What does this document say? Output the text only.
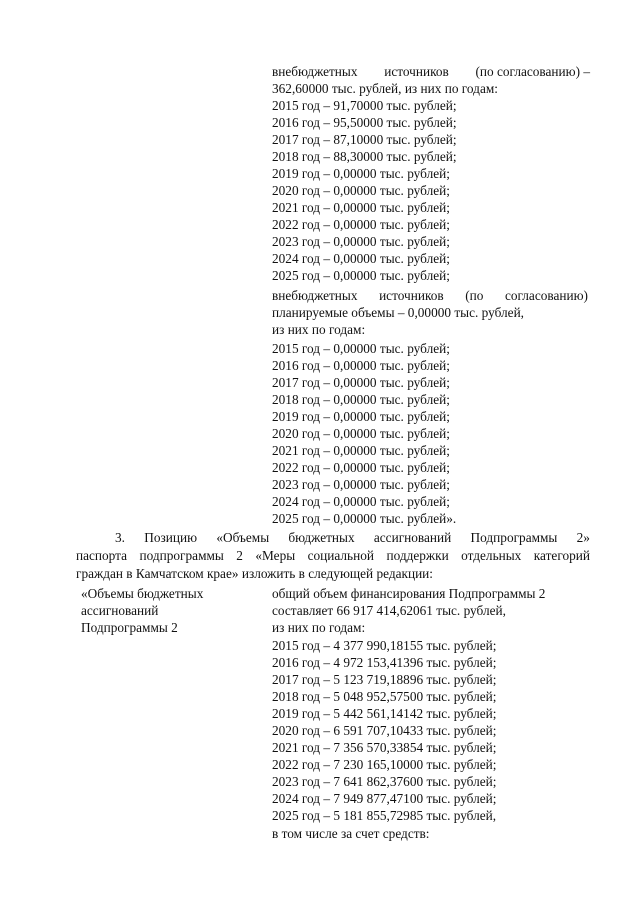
внебюджетных источников (по согласованию) –
362,60000 тыс. рублей, из них по годам:
2015 год – 91,70000 тыс. рублей;
2016 год – 95,50000 тыс. рублей;
2017 год – 87,10000 тыс. рублей;
2018 год – 88,30000 тыс. рублей;
2019 год – 0,00000 тыс. рублей;
2020 год – 0,00000 тыс. рублей;
2021 год – 0,00000 тыс. рублей;
2022 год – 0,00000 тыс. рублей;
2023 год – 0,00000 тыс. рублей;
2024 год – 0,00000 тыс. рублей;
2025 год – 0,00000 тыс. рублей;
внебюджетных источников (по согласованию)
планируемые объемы – 0,00000 тыс. рублей,
из них по годам:
2015 год – 0,00000 тыс. рублей;
2016 год – 0,00000 тыс. рублей;
2017 год – 0,00000 тыс. рублей;
2018 год – 0,00000 тыс. рублей;
2019 год – 0,00000 тыс. рублей;
2020 год – 0,00000 тыс. рублей;
2021 год – 0,00000 тыс. рублей;
2022 год – 0,00000 тыс. рублей;
2023 год – 0,00000 тыс. рублей;
2024 год – 0,00000 тыс. рублей;
2025 год – 0,00000 тыс. рублей».
3. Позицию «Объемы бюджетных ассигнований Подпрограммы 2»
паспорта подпрограммы 2 «Меры социальной поддержки отдельных категорий
граждан в Камчатском крае» изложить в следующей редакции:
«Объемы бюджетных
ассигнований
Подпрограммы 2
общий объем финансирования Подпрограммы 2
составляет 66 917 414,62061 тыс. рублей,
из них по годам:
2015 год – 4 377 990,18155 тыс. рублей;
2016 год – 4 972 153,41396 тыс. рублей;
2017 год – 5 123 719,18896 тыс. рублей;
2018 год – 5 048 952,57500 тыс. рублей;
2019 год – 5 442 561,14142 тыс. рублей;
2020 год – 6 591 707,10433 тыс. рублей;
2021 год – 7 356 570,33854 тыс. рублей;
2022 год – 7 230 165,10000 тыс. рублей;
2023 год – 7 641 862,37600 тыс. рублей;
2024 год – 7 949 877,47100 тыс. рублей;
2025 год – 5 181 855,72985 тыс. рублей,
в том числе за счет средств:
